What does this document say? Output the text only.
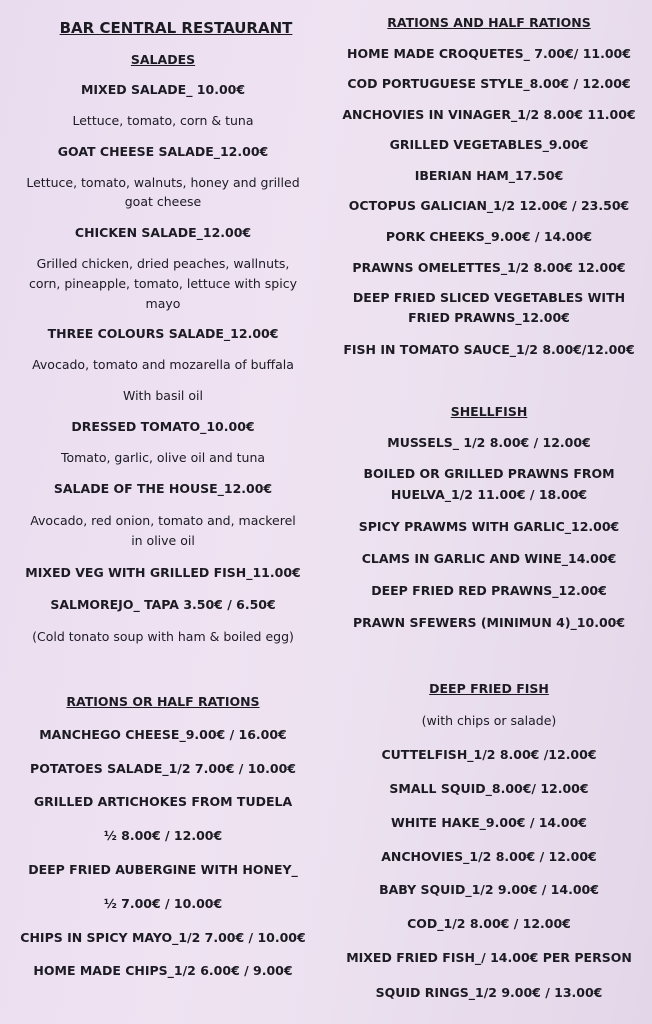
BAR CENTRAL RESTAURANT
SALADES
MIXED SALADE_ 10.00€
Lettuce, tomato, corn & tuna
GOAT CHEESE SALADE_12.00€
Lettuce, tomato, walnuts, honey and grilled
goat cheese
CHICKEN SALADE_12.00€
Grilled chicken, dried peaches, wallnuts,
corn, pineapple, tomato, lettuce with spicy
mayo
THREE COLOURS SALADE_12.00€
Avocado, tomato and mozarella of buffala
With basil oil
DRESSED TOMATO_10.00€
Tomato, garlic, olive oil and tuna
SALADE OF THE HOUSE_12.00€
Avocado, red onion, tomato and, mackerel
in olive oil
MIXED VEG WITH GRILLED FISH_11.00€
SALMOREJO_ TAPA 3.50€ / 6.50€
(Cold tonato soup with ham & boiled egg)
RATIONS OR HALF RATIONS
MANCHEGO CHEESE_9.00€ / 16.00€
POTATOES SALADE_1/2 7.00€ / 10.00€
GRILLED ARTICHOKES FROM TUDELA
½ 8.00€ / 12.00€
DEEP FRIED AUBERGINE WITH HONEY_
½ 7.00€ / 10.00€
CHIPS IN SPICY MAYO_1/2 7.00€ / 10.00€
HOME MADE CHIPS_1/2 6.00€ / 9.00€
RATIONS AND HALF RATIONS
HOME MADE CROQUETES_ 7.00€/ 11.00€
COD PORTUGUESE STYLE_8.00€ / 12.00€
ANCHOVIES IN VINAGER_1/2 8.00€ 11.00€
GRILLED VEGETABLES_9.00€
IBERIAN HAM_17.50€
OCTOPUS GALICIAN_1/2 12.00€ / 23.50€
PORK CHEEKS_9.00€ / 14.00€
PRAWNS OMELETTES_1/2 8.00€ 12.00€
DEEP FRIED SLICED VEGETABLES WITH
FRIED PRAWNS_12.00€
FISH IN TOMATO SAUCE_1/2 8.00€/12.00€
SHELLFISH
MUSSELS_ 1/2 8.00€ / 12.00€
BOILED OR GRILLED PRAWNS FROM
HUELVA_1/2 11.00€ / 18.00€
SPICY PRAWMS WITH GARLIC_12.00€
CLAMS IN GARLIC AND WINE_14.00€
DEEP FRIED RED PRAWNS_12.00€
PRAWN SFEWERS (MINIMUN 4)_10.00€
DEEP FRIED FISH
(with chips or salade)
CUTTELFISH_1/2 8.00€ /12.00€
SMALL SQUID_8.00€/ 12.00€
WHITE HAKE_9.00€ / 14.00€
ANCHOVIES_1/2 8.00€ / 12.00€
BABY SQUID_1/2 9.00€ / 14.00€
COD_1/2 8.00€ / 12.00€
MIXED FRIED FISH_/ 14.00€ PER PERSON
SQUID RINGS_1/2 9.00€ / 13.00€
